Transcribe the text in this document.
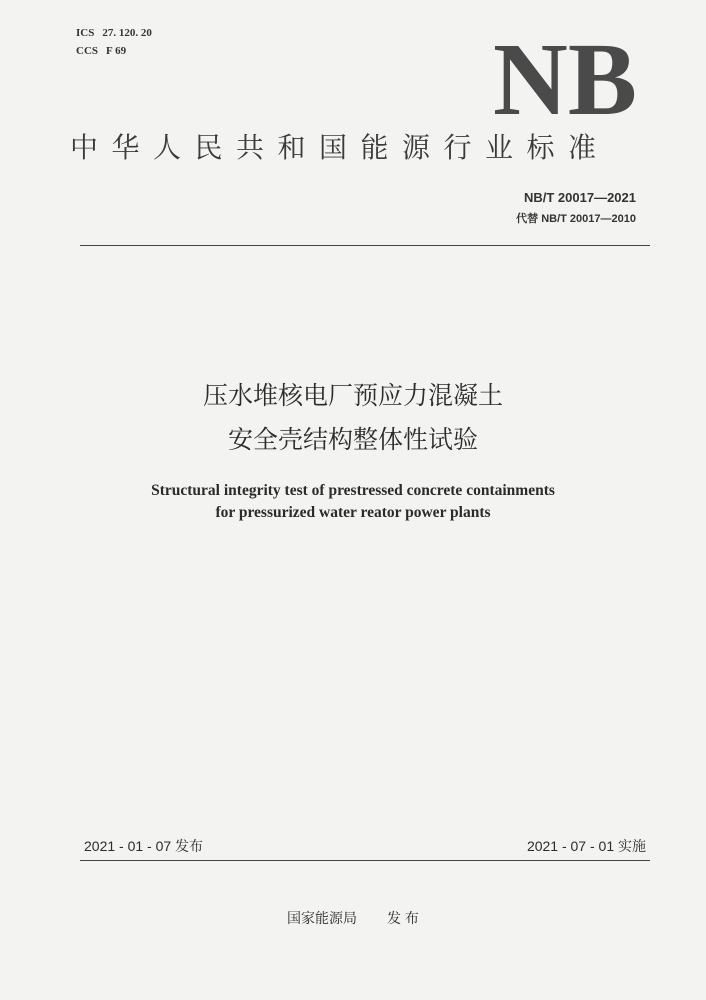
ICS 27. 120. 20
CCS F 69	NB
中华人民共和国能源行业标准
NB/T 20017—2021
代替 NB/T 20017—2010
压水堆核电厂预应力混凝土
安全壳结构整体性试验
Structural integrity test of prestressed concrete containments
for pressurized water reator power plants
2021 - 01 - 07 发布	2021 - 07 - 01 实施
国家能源局 发 布
